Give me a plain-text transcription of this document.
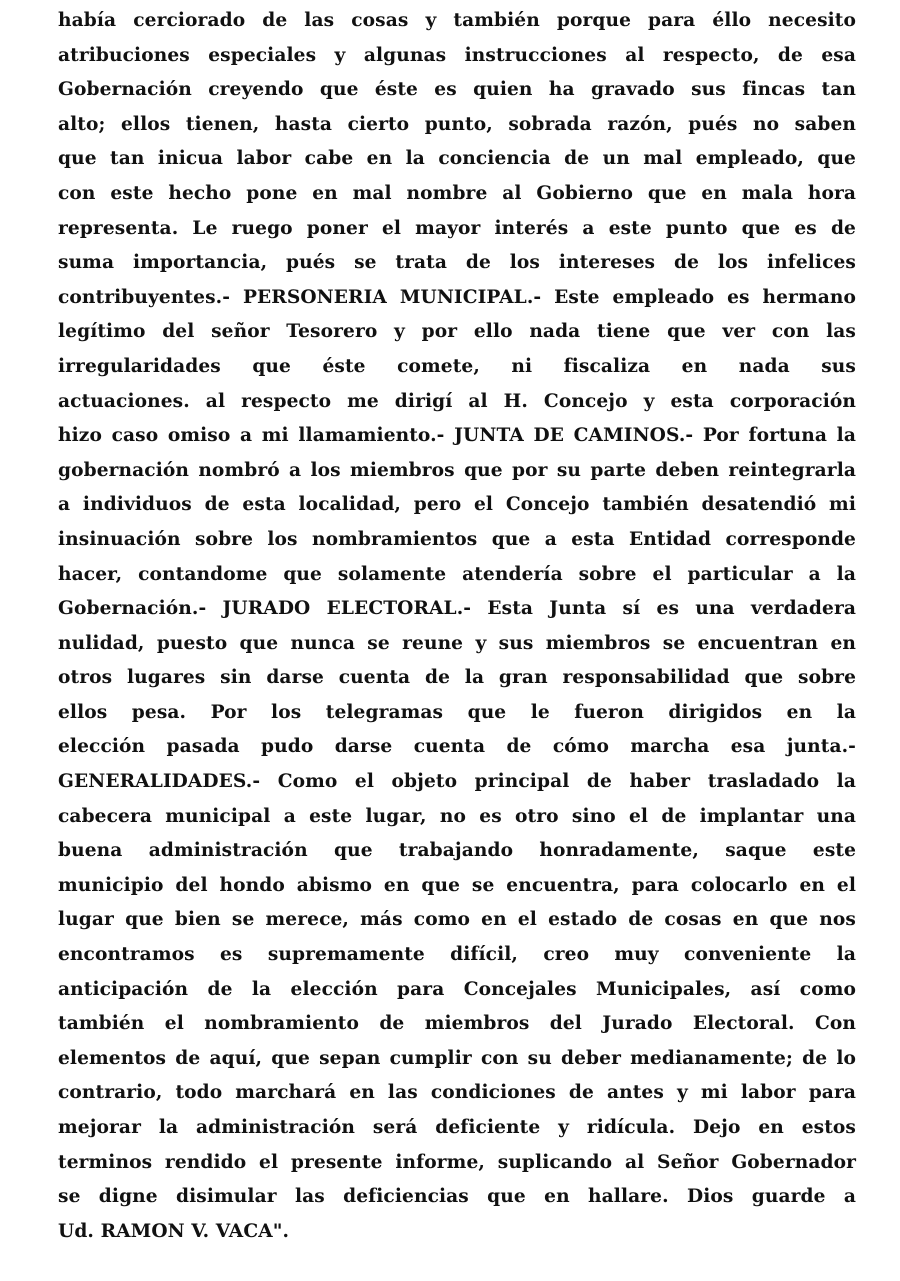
había cerciorado de las cosas y también porque para éllo necesito
atribuciones especiales y algunas instrucciones al respecto, de esa
Gobernación creyendo que éste es quien ha gravado sus fincas tan
alto; ellos tienen, hasta cierto punto, sobrada razón, pués no saben
que tan inicua labor cabe en la conciencia de un mal empleado, que
con este hecho pone en mal nombre al Gobierno que en mala hora
representa. Le ruego poner el mayor interés a este punto que es de
suma importancia, pués se trata de los intereses de los infelices
contribuyentes.- PERSONERIA MUNICIPAL.- Este empleado es hermano
legítimo del señor Tesorero y por ello nada tiene que ver con las
irregularidades que éste comete, ni fiscaliza en nada sus
actuaciones. al respecto me dirigí al H. Concejo y esta corporación
hizo caso omiso a mi llamamiento.- JUNTA DE CAMINOS.- Por fortuna la
gobernación nombró a los miembros que por su parte deben reintegrarla
a individuos de esta localidad, pero el Concejo también desatendió mi
insinuación sobre los nombramientos que a esta Entidad corresponde
hacer, contandome que solamente atendería sobre el particular a la
Gobernación.- JURADO ELECTORAL.- Esta Junta sí es una verdadera
nulidad, puesto que nunca se reune y sus miembros se encuentran en
otros lugares sin darse cuenta de la gran responsabilidad que sobre
ellos pesa. Por los telegramas que le fueron dirigidos en la
elección pasada pudo darse cuenta de cómo marcha esa junta.-
GENERALIDADES.- Como el objeto principal de haber trasladado la
cabecera municipal a este lugar, no es otro sino el de implantar una
buena administración que trabajando honradamente, saque este
municipio del hondo abismo en que se encuentra, para colocarlo en el
lugar que bien se merece, más como en el estado de cosas en que nos
encontramos es supremamente difícil, creo muy conveniente la
anticipación de la elección para Concejales Municipales, así como
también el nombramiento de miembros del Jurado Electoral. Con
elementos de aquí, que sepan cumplir con su deber medianamente; de lo
contrario, todo marchará en las condiciones de antes y mi labor para
mejorar la administración será deficiente y ridícula. Dejo en estos
terminos rendido el presente informe, suplicando al Señor Gobernador
se digne disimular las deficiencias que en hallare. Dios guarde a
Ud. RAMON V. VACA".
